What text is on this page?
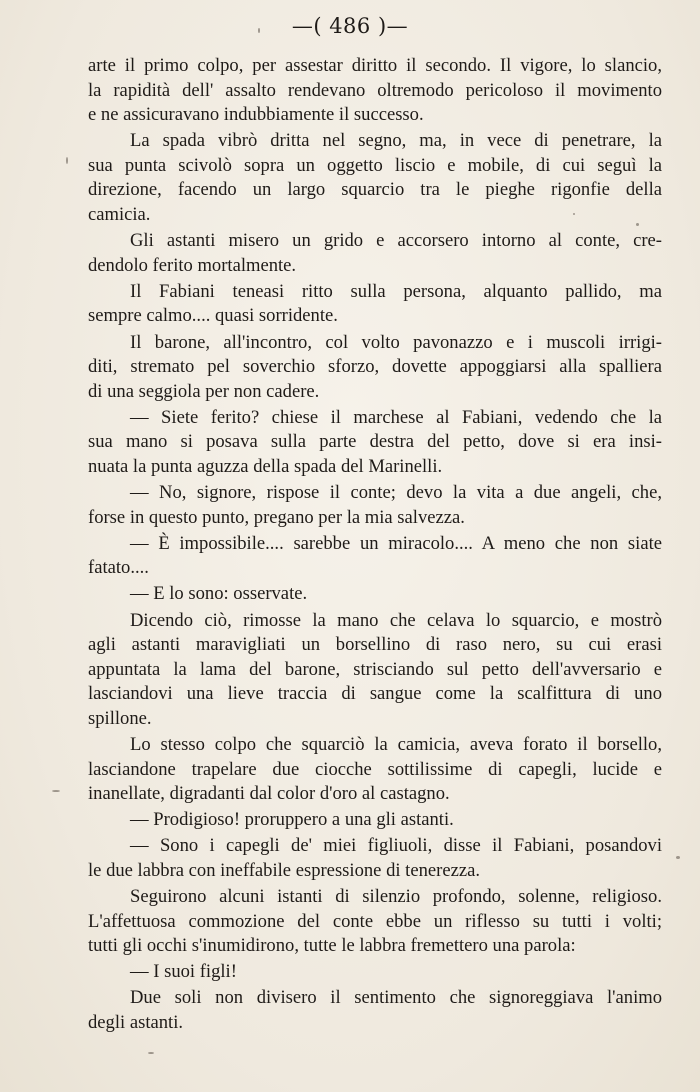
—( 486 )—
arte il primo colpo, per assestar diritto il secondo. Il vigore, lo slancio,
la rapidità dell' assalto rendevano oltremodo pericoloso il movimento
e ne assicuravano indubbiamente il successo.
La spada vibrò dritta nel segno, ma, in vece di penetrare, la
sua punta scivolò sopra un oggetto liscio e mobile, di cui seguì la
direzione, facendo un largo squarcio tra le pieghe rigonfie della
camicia.
Gli astanti misero un grido e accorsero intorno al conte, cre-
dendolo ferito mortalmente.
Il Fabiani teneasi ritto sulla persona, alquanto pallido, ma
sempre calmo.... quasi sorridente.
Il barone, all'incontro, col volto pavonazzo e i muscoli irrigi-
diti, stremato pel soverchio sforzo, dovette appoggiarsi alla spalliera
di una seggiola per non cadere.
— Siete ferito? chiese il marchese al Fabiani, vedendo che la
sua mano si posava sulla parte destra del petto, dove si era insi-
nuata la punta aguzza della spada del Marinelli.
— No, signore, rispose il conte; devo la vita a due angeli, che,
forse in questo punto, pregano per la mia salvezza.
— È impossibile.... sarebbe un miracolo.... A meno che non siate
fatato....
— E lo sono: osservate.
Dicendo ciò, rimosse la mano che celava lo squarcio, e mostrò
agli astanti maravigliati un borsellino di raso nero, su cui erasi
appuntata la lama del barone, strisciando sul petto dell'avversario e
lasciandovi una lieve traccia di sangue come la scalfittura di uno
spillone.
Lo stesso colpo che squarciò la camicia, aveva forato il borsello,
lasciandone trapelare due ciocche sottilissime di capegli, lucide e
inanellate, digradanti dal color d'oro al castagno.
— Prodigioso! proruppero a una gli astanti.
— Sono i capegli de' miei figliuoli, disse il Fabiani, posandovi
le due labbra con ineffabile espressione di tenerezza.
Seguirono alcuni istanti di silenzio profondo, solenne, religioso.
L'affettuosa commozione del conte ebbe un riflesso su tutti i volti;
tutti gli occhi s'inumidirono, tutte le labbra fremettero una parola:
— I suoi figli!
Due soli non divisero il sentimento che signoreggiava l'animo
degli astanti.
